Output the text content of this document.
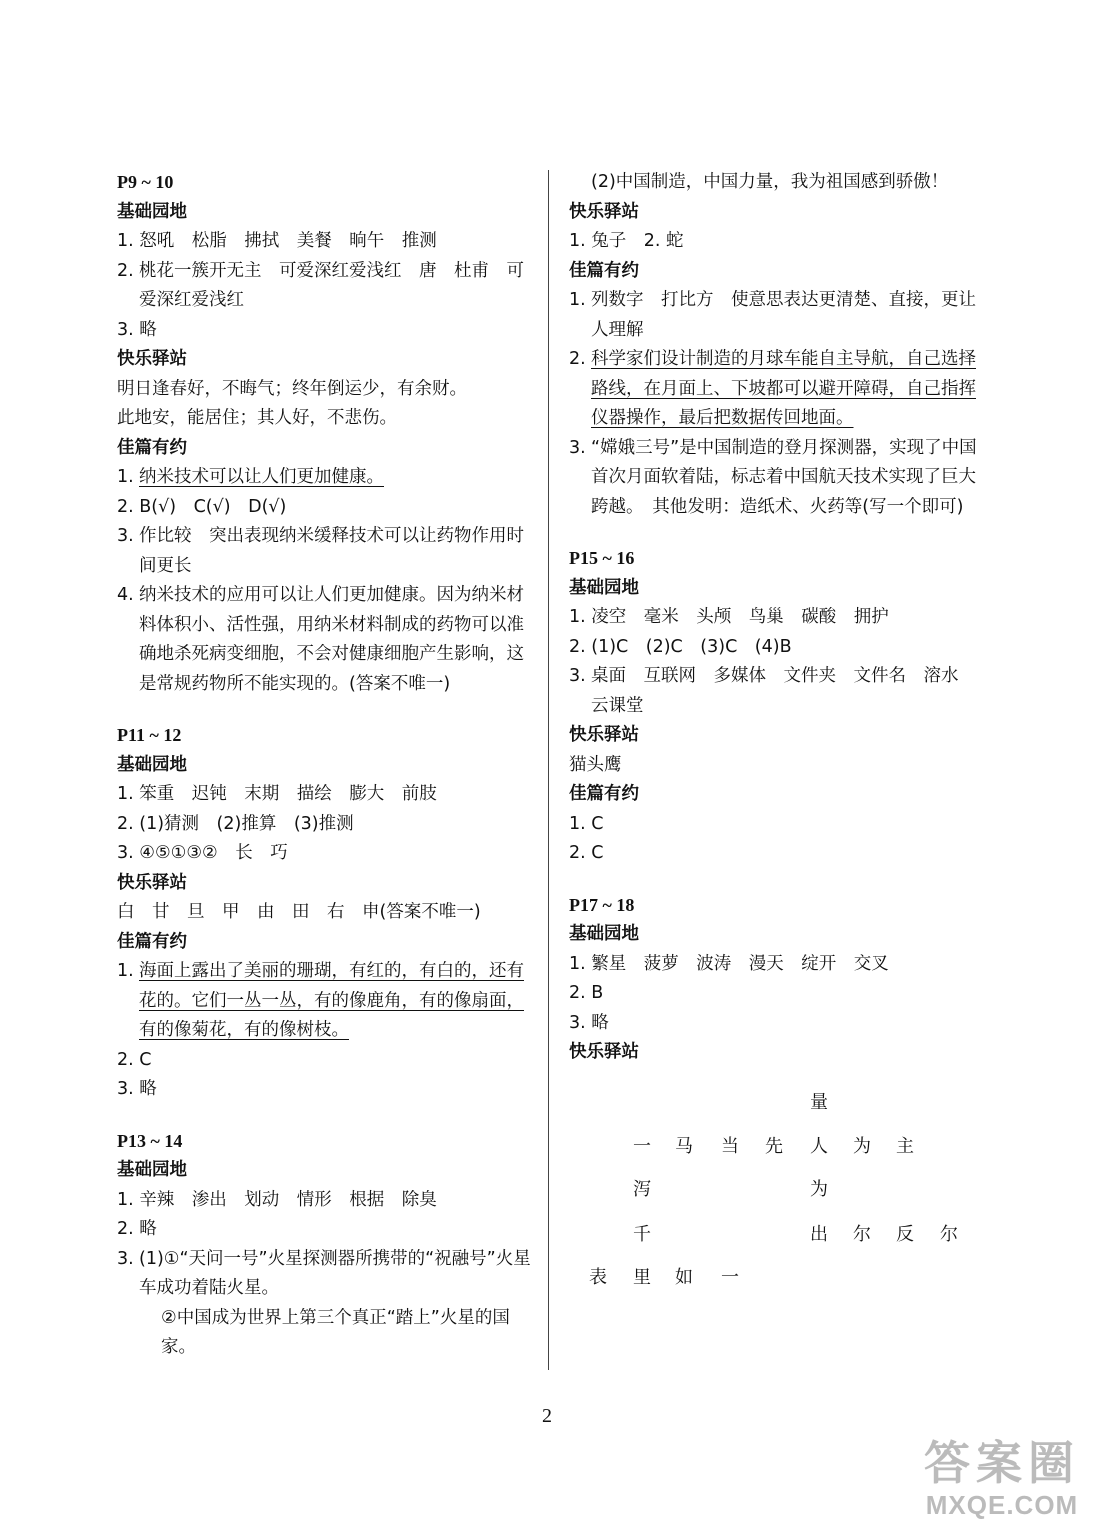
P9 ~ 10
基础园地
1. 怒吼　松脂　拂拭　美餐　晌午　推测
2. 桃花一簇开无主　可爱深红爱浅红　唐　杜甫　可爱深红爱浅红
3. 略
快乐驿站
明日逢春好，不晦气；终年倒运少，有余财。
此地安，能居住；其人好，不悲伤。
佳篇有约
1. 纳米技术可以让人们更加健康。
2. B(√)　C(√)　D(√)
3. 作比较　突出表现纳米缓释技术可以让药物作用时间更长
4. 纳米技术的应用可以让人们更加健康。因为纳米材料体积小、活性强，用纳米材料制成的药物可以准确地杀死病变细胞，不会对健康细胞产生影响，这是常规药物所不能实现的。(答案不唯一)
P11 ~ 12
基础园地
1. 笨重　迟钝　末期　描绘　膨大　前肢
2. (1)猜测　(2)推算　(3)推测
3. ④⑤①③②　长　巧
快乐驿站
白　甘　旦　甲　由　田　右　申(答案不唯一)
佳篇有约
1. 海面上露出了美丽的珊瑚，有红的，有白的，还有花的。它们一丛一丛，有的像鹿角，有的像扇面，有的像菊花，有的像树枝。
2. C
3. 略
P13 ~ 14
基础园地
1. 辛辣　渗出　划动　情形　根据　除臭
2. 略
3. (1)①“天问一号”火星探测器所携带的“祝融号”火星车成功着陆火星。
②中国成为世界上第三个真正“踏上”火星的国家。
(2)中国制造，中国力量，我为祖国感到骄傲！
快乐驿站
1. 兔子　2. 蛇
佳篇有约
1. 列数字　打比方　使意思表达更清楚、直接，更让人理解
2. 科学家们设计制造的月球车能自主导航，自己选择路线，在月面上、下坡都可以避开障碍，自己指挥仪器操作，最后把数据传回地面。
3. “嫦娥三号”是中国制造的登月探测器，实现了中国首次月面软着陆，标志着中国航天技术实现了巨大跨越。　其他发明：造纸术、火药等(写一个即可)
P15 ~ 16
基础园地
1. 凌空　毫米　头颅　鸟巢　碳酸　拥护
2. (1)C　(2)C　(3)C　(4)B
3. 桌面　互联网　多媒体　文件夹　文件名　溶水　云课堂
快乐驿站
猫头鹰
佳篇有约
1. C
2. C
P17 ~ 18
基础园地
1. 繁星　菠萝　波涛　漫天　绽开　交叉
2. B
3. 略
快乐驿站
量
一 马 当 先 人 为 主
泻	为
千	出 尔 反 尔
表 里 如 一
2
答案圈
MXQE.COM
